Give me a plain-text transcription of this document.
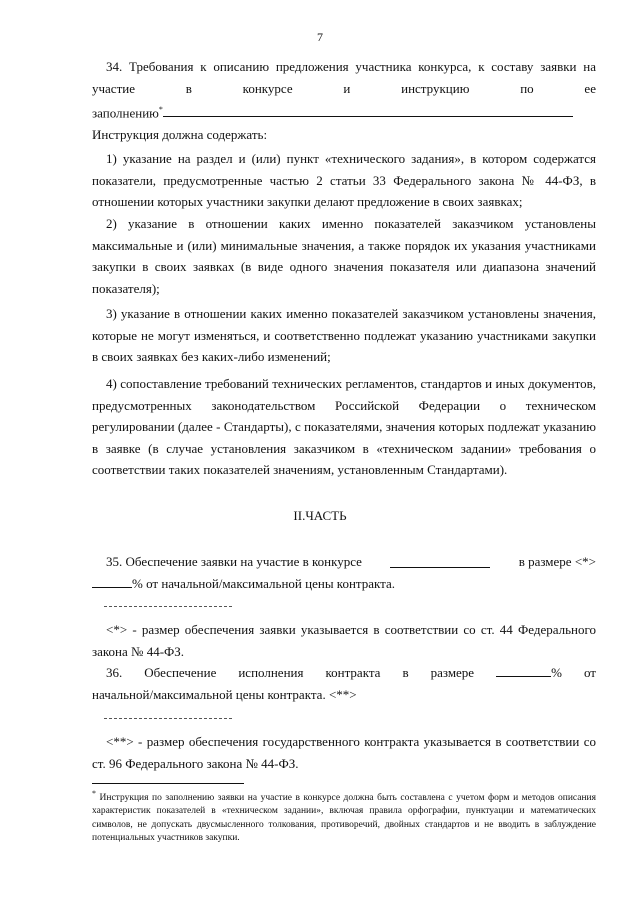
7
34. Требования к описанию предложения участника конкурса, к составу заявки на
участие	в	конкурсе	и	инструкцию	по	ее
заполнению*
Инструкция должна содержать:
1) указание на раздел и (или) пункт «технического задания», в котором содержатся показатели, предусмотренные частью 2 статьи 33 Федерального закона № 44-ФЗ, в отношении которых участники закупки делают предложение в своих заявках;
2) указание в отношении каких именно показателей заказчиком установлены максимальные и (или) минимальные значения, а также порядок их указания участниками закупки в своих заявках (в виде одного значения показателя или диапазона значений показателя);
3) указание в отношении каких именно показателей заказчиком установлены значения, которые не могут изменяться, и соответственно подлежат указанию участниками закупки в своих заявках без каких-либо изменений;
4) сопоставление требований технических регламентов, стандартов и иных документов, предусмотренных законодательством Российской Федерации о техническом регулировании (далее - Стандарты), с показателями, значения которых подлежат указанию в заявке (в случае установления заказчиком в «техническом задании» требования о соответствии таких показателей значениям, установленным Стандартами).
II.ЧАСТЬ
35. Обеспечение заявки на участие в конкурсе	в размере <*>
% от начальной/максимальной цены контракта.
<*> - размер обеспечения заявки указывается в соответствии со ст. 44 Федерального закона № 44-ФЗ.
36. Обеспечение исполнения контракта в размере	% от
начальной/максимальной цены контракта. <**>
<**> - размер обеспечения государственного контракта указывается в соответствии со ст. 96 Федерального закона № 44-ФЗ.

* Инструкция по заполнению заявки на участие в конкурсе должна быть составлена с учетом форм и методов описания характеристик показателей в «техническом задании», включая правила орфографии, пунктуации и математических символов, не допускать двусмысленного толкования, противоречий, двойных стандартов и не вводить в заблуждение потенциальных участников закупки.
